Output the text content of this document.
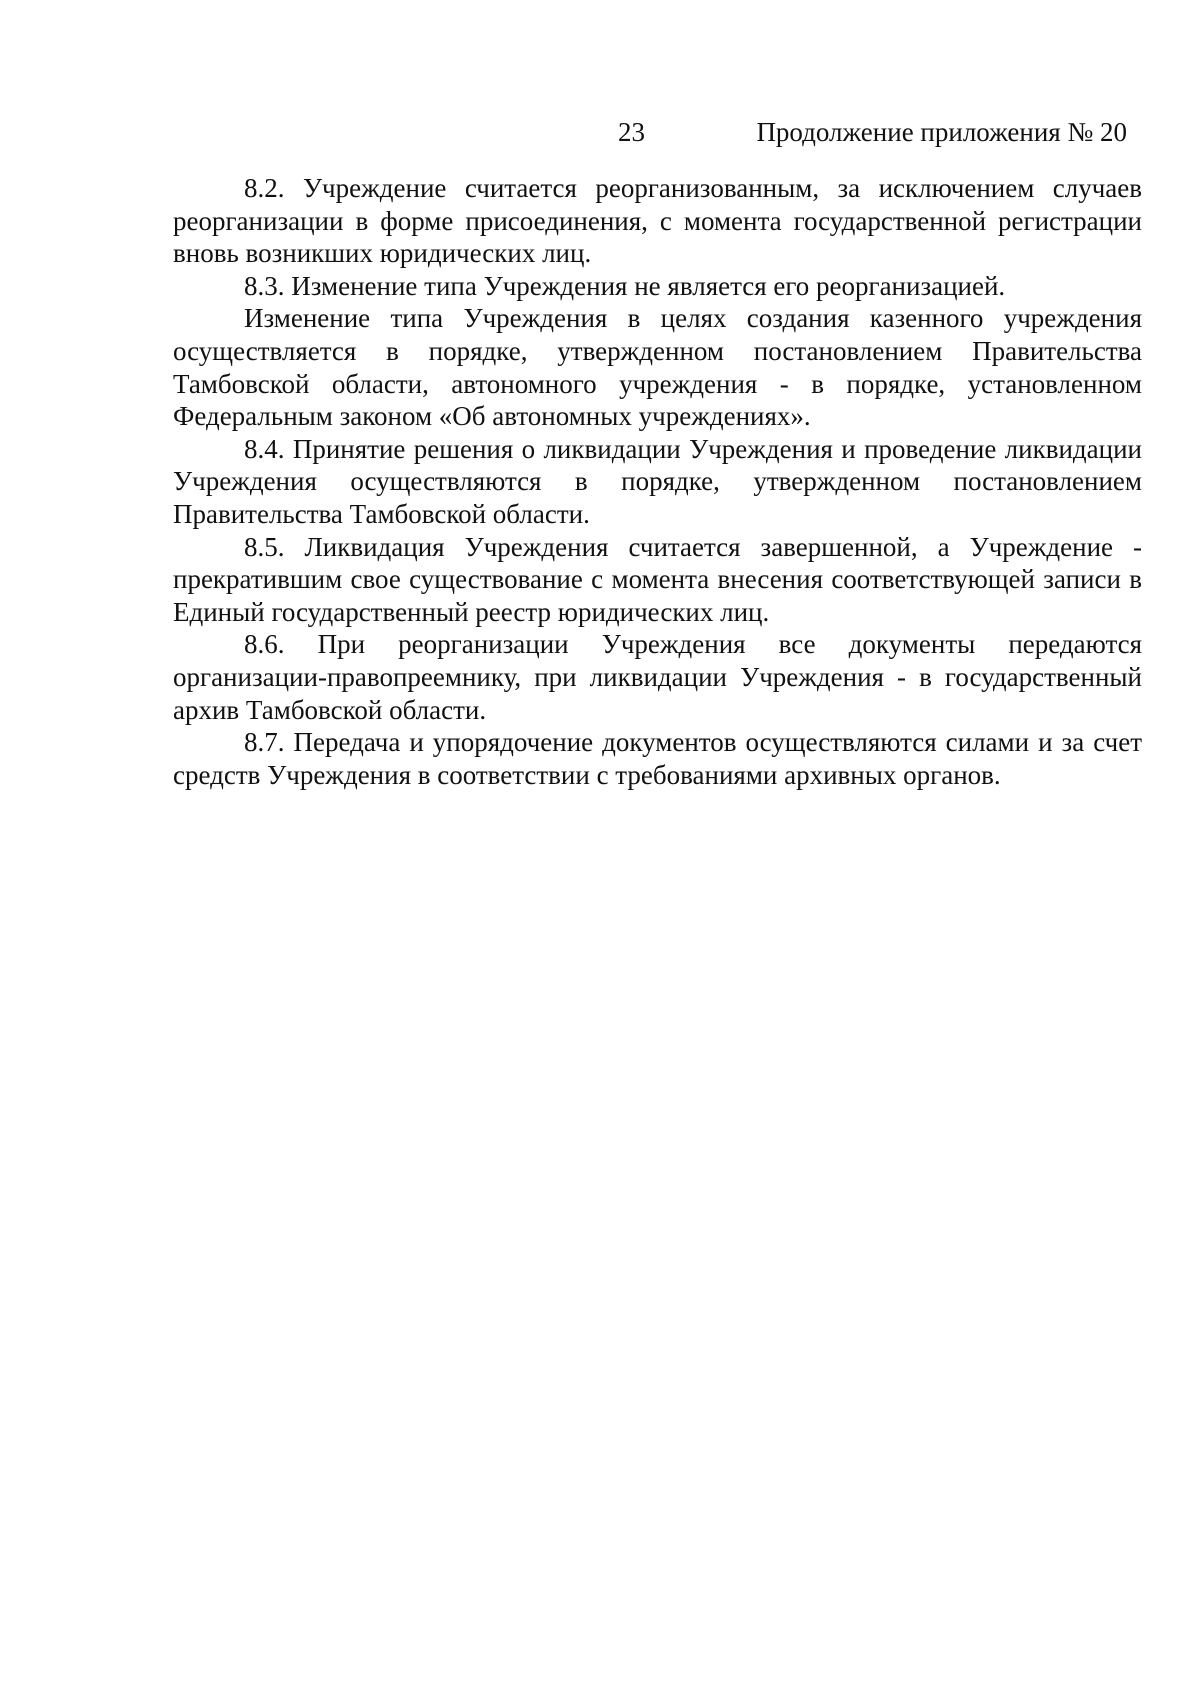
23	Продолжение приложения № 20

8.2. Учреждение считается реорганизованным, за исключением случаев реорганизации в форме присоединения, с момента государственной регистрации вновь возникших юридических лиц.

8.3. Изменение типа Учреждения не является его реорганизацией.

Изменение типа Учреждения в целях создания казенного учреждения осуществляется в порядке, утвержденном постановлением Правительства Тамбовской области, автономного учреждения - в порядке, установленном Федеральным законом «Об автономных учреждениях».

8.4. Принятие решения о ликвидации Учреждения и проведение ликвидации Учреждения осуществляются в порядке, утвержденном постановлением Правительства Тамбовской области.

8.5. Ликвидация Учреждения считается завершенной, а Учреждение - прекратившим свое существование с момента внесения соответствующей записи в Единый государственный реестр юридических лиц.

8.6. При реорганизации Учреждения все документы передаются организации-правопреемнику, при ликвидации Учреждения - в государственный архив Тамбовской области.

8.7. Передача и упорядочение документов осуществляются силами и за счет средств Учреждения в соответствии с требованиями архивных органов.
